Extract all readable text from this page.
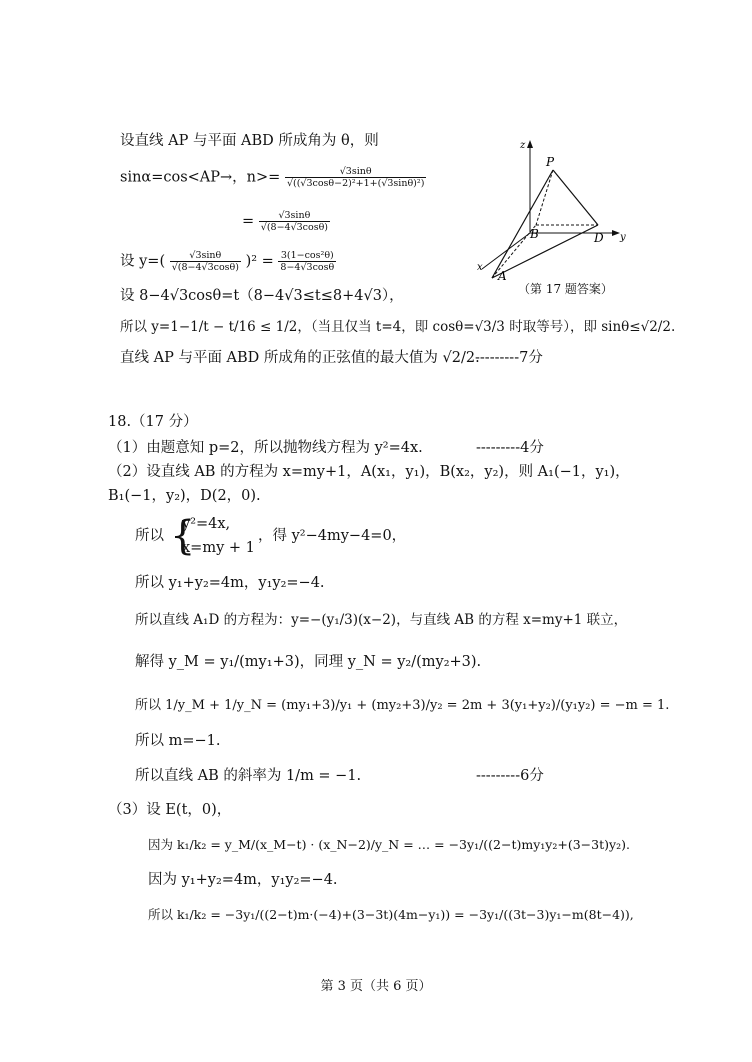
设直线 AP 与平面 ABD 所成角为 θ，则
sinα=cos<AP→，$n>= \frac{√3\sin\theta}{\text{√((√3cosθ−2)²+1+(√3sinθ)²)}}$
= $\frac{√3\sin\theta}{√(8-4√3\cos\theta)}$
设 $y=( \frac{√3\sin\theta}{√(8-4√3\cos\theta)} )^2 = \frac{\text{3(1−cos²θ)}}{8-4√3\cos\theta}$
设 8−4√3cosθ=t（8−4√3≤t≤8+4√3），
所以 y=1−1/t − t/16 ≤ 1/2，（当且仅当 t=4，即 cosθ=√3/3 时取等号），即 sinθ≤√2/2.
直线 AP 与平面 ABD 所成角的正弦值的最大值为 √2/2.
---------7分
z
P
B	D y
x
A
（第 17 题答案）
18.（17 分）
（1）由题意知 p=2，所以抛物线方程为 y²=4x.	---------4分
（2）设直线 AB 的方程为 x=my+1，A(x₁，y₁)，B(x₂，y₂)，则 A₁(−1，y₁)，
B₁(−1，y₂)，D(2，0).
所以 {
y²=4x,
x=my + 1
，得 y²−4my−4=0，
所以 y₁+y₂=4m，y₁y₂=−4.
所以直线 A₁D 的方程为：y=−(y₁/3)(x−2)，与直线 AB 的方程 x=my+1 联立，
解得 y_M = y₁/(my₁+3)，同理 y_N = y₂/(my₂+3).
所以 1/y_M + 1/y_N = (my₁+3)/y₁ + (my₂+3)/y₂ = 2m + 3(y₁+y₂)/(y₁y₂) = −m = 1.
所以 m=−1.
所以直线 AB 的斜率为 1/m = −1.	---------6分
（3）设 E(t，0)，
因为 k₁/k₂ = y_M/(x_M−t) · (x_N−2)/y_N = … = −3y₁/((2−t)my₁y₂+(3−3t)y₂).
因为 y₁+y₂=4m，y₁y₂=−4.
所以 k₁/k₂ = −3y₁/((2−t)m·(−4)+(3−3t)(4m−y₁)) = −3y₁/((3t−3)y₁−m(8t−4)),
第 3 页（共 6 页）
